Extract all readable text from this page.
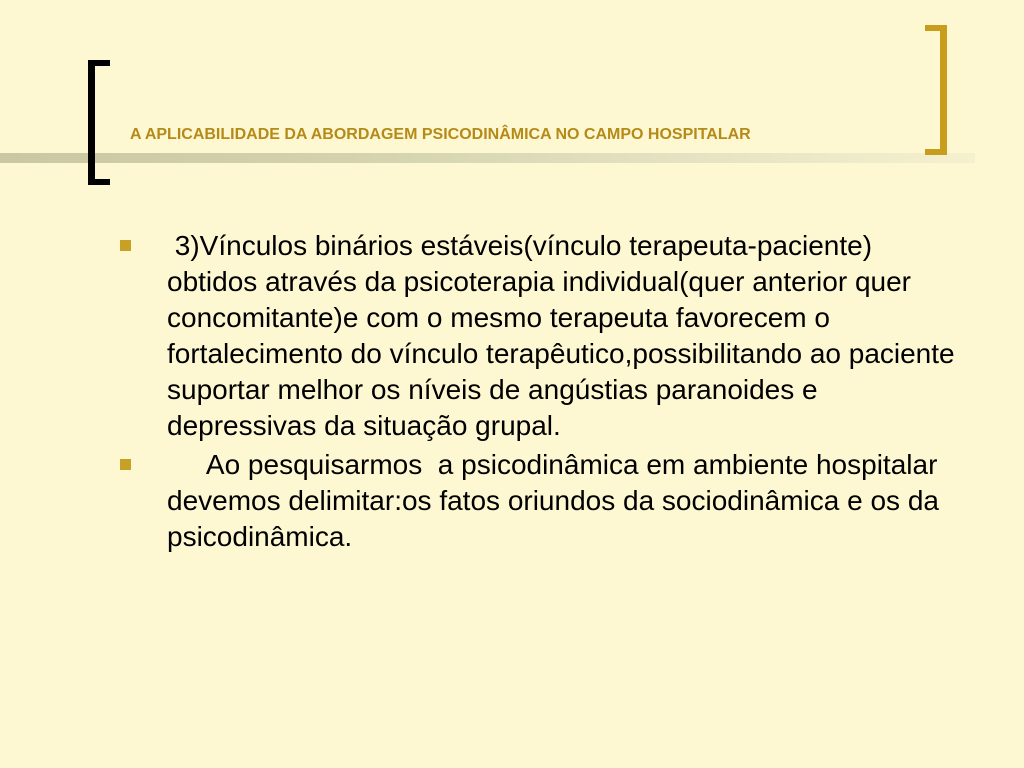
A APLICABILIDADE DA ABORDAGEM PSICODINÂMICA NO CAMPO HOSPITALAR
3)Vínculos binários estáveis(vínculo terapeuta-paciente) obtidos através da psicoterapia individual(quer anterior quer concomitante)e com o mesmo terapeuta favorecem o fortalecimento do vínculo terapêutico,possibilitando ao paciente suportar melhor os níveis de angústias paranoides e depressivas da situação grupal.
Ao pesquisarmos  a psicodinâmica em ambiente hospitalar devemos delimitar:os fatos oriundos da sociodinâmica e os da psicodinâmica.
